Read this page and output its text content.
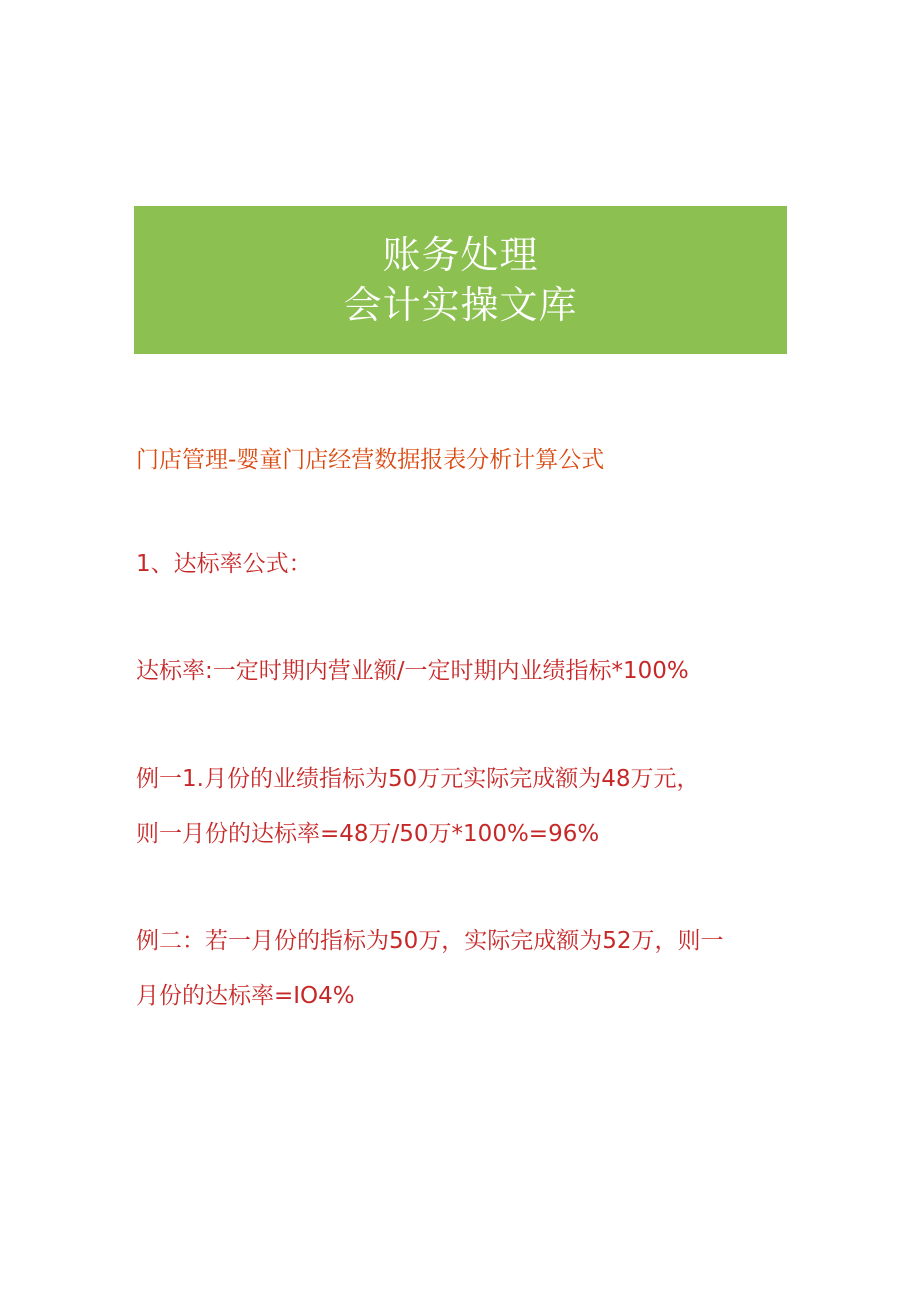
账务处理
会计实操文库
门店管理-婴童门店经营数据报表分析计算公式
1、达标率公式：
达标率:一定时期内营业额/一定时期内业绩指标*100%
例一1.月份的业绩指标为50万元实际完成额为48万元，
则一月份的达标率=48万/50万*100%=96%
例二：若一月份的指标为50万，实际完成额为52万，则一
月份的达标率=IO4%
